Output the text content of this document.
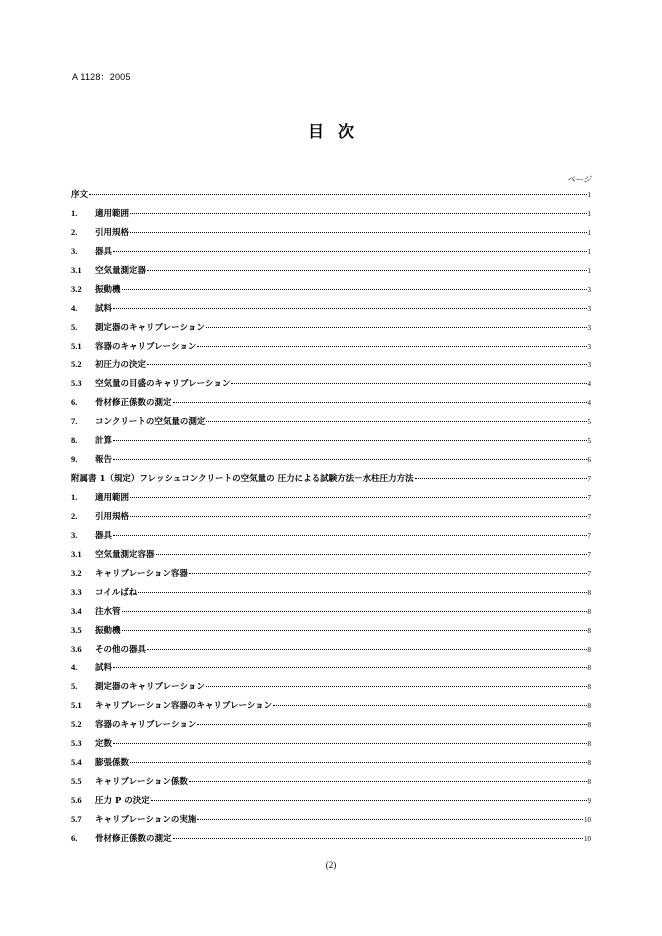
A 1128：2005
目次
ページ
序文	1
1.	適用範囲	1
2.	引用規格	1
3.	器具	1
3.1	空気量測定器	1
3.2	振動機	3
4.	試料	3
5.	測定器のキャリブレーション	3
5.1	容器のキャリブレーション	3
5.2	初圧力の決定	3
5.3	空気量の目盛のキャリブレーション	4
6.	骨材修正係数の測定	4
7.	コンクリートの空気量の測定	5
8.	計算	5
9.	報告	6
附属書 1（規定）フレッシュコンクリートの空気量の 圧力による試験方法－水柱圧力方法	7
1.	適用範囲	7
2.	引用規格	7
3.	器具	7
3.1	空気量測定容器	7
3.2	キャリブレーション容器	7
3.3	コイルばね	8
3.4	注水管	8
3.5	振動機	8
3.6	その他の器具	8
4.	試料	8
5.	測定器のキャリブレーション	8
5.1	キャリブレーション容器のキャリブレーション	8
5.2	容器のキャリブレーション	8
5.3	定数	8
5.4	膨張係数	8
5.5	キャリブレーション係数	8
5.6	圧力 P の決定	9
5.7	キャリブレーションの実施	10
6.	骨材修正係数の測定	10
(2)
